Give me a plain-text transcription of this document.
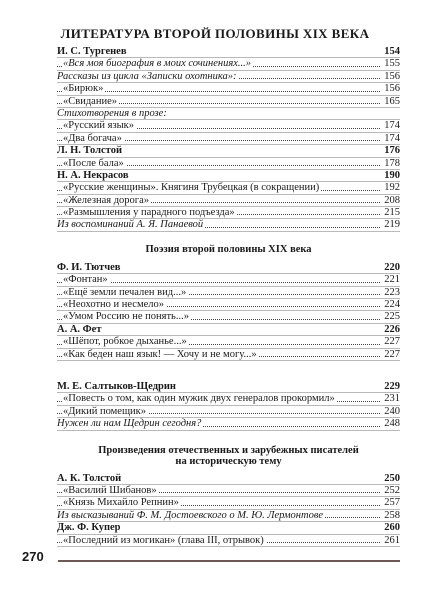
ЛИТЕРАТУРА ВТОРОЙ ПОЛОВИНЫ XIX ВЕКА
И. С. Тургенев	154
«Вся моя биография в моих сочинениях...»	155
Рассказы из цикла «Записки охотника»:	156
«Бирюк»	156
«Свидание»	165
Стихотворения в прозе:
«Русский язык»	174
«Два богача»	174
Л. Н. Толстой	176
«После бала»	178
Н. А. Некрасов	190
«Русские женщины». Княгиня Трубецкая (в сокращении)	192
«Железная дорога»	208
«Размышления у парадного подъезда»	215
Из воспоминаний А. Я. Панаевой	219
Поэзия второй половины XIX века
Ф. И. Тютчев	220
«Фонтан»	221
«Ещё земли печален вид...»	223
«Неохотно и несмело»	224
«Умом Россию не понять...»	225
А. А. Фет	226
«Шёпот, робкое дыханье...»	227
«Как беден наш язык! — Хочу и не могу...»	227
М. Е. Салтыков-Щедрин	229
«Повесть о том, как один мужик двух генералов прокормил»	231
«Дикий помещик»	240
Нужен ли нам Щедрин сегодня?	248
Произведения отечественных и зарубежных писателей
на историческую тему
А. К. Толстой	250
«Василий Шибанов»	252
«Князь Михайло Репнин»	257
Из высказываний Ф. М. Достоевского о М. Ю. Лермонтове	258
Дж. Ф. Купер	260
«Последний из могикан» (глава III, отрывок)	261
270
